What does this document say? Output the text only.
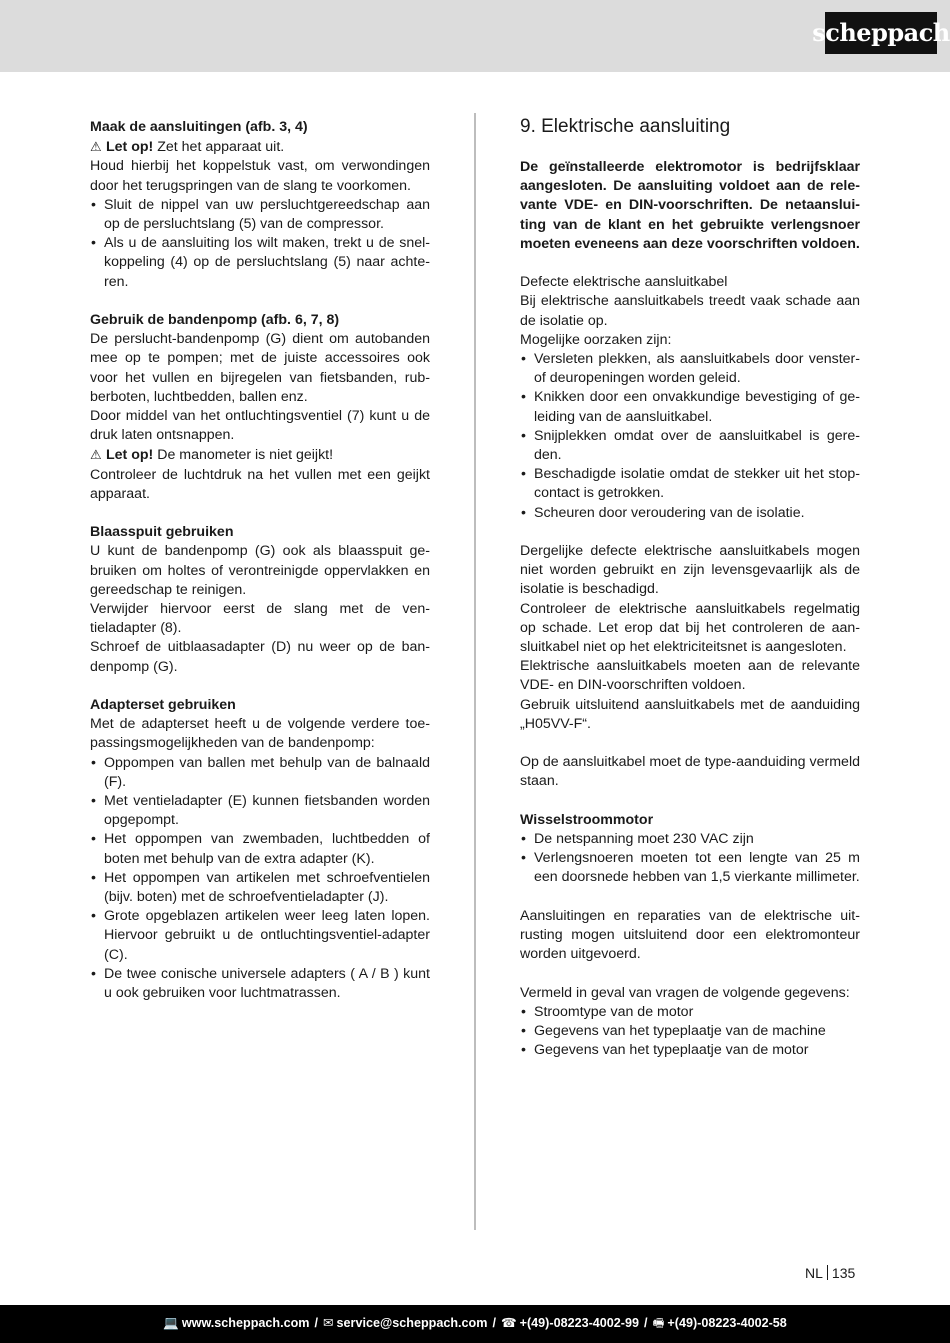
scheppach

Maak de aansluitingen (afb. 3, 4)

⚠ Let op! Zet het apparaat uit.

Houd hierbij het koppelstuk vast, om verwondingen door het terugspringen van de slang te voorkomen.

• Sluit de nippel van uw persluchtgereedschap aan op de persluchtslang (5) van de compressor.
• Als u de aansluiting los wilt maken, trekt u de snelkoppeling (4) op de persluchtslang (5) naar achteren.

Gebruik de bandenpomp (afb. 6, 7, 8)

De perslucht-bandenpomp (G) dient om autobanden mee op te pompen; met de juiste accessoires ook voor het vullen en bijregelen van fietsbanden, rubberboten, luchtbedden, ballen enz.

Door middel van het ontluchtingsventiel (7) kunt u de druk laten ontsnappen.

⚠ Let op! De manometer is niet geijkt!

Controleer de luchtdruk na het vullen met een geijkt apparaat.

Blaasspuit gebruiken

U kunt de bandenpomp (G) ook als blaasspuit gebruiken om holtes of verontreinigde oppervlakken en gereedschap te reinigen.

Verwijder hiervoor eerst de slang met de ventieladapter (8).

Schroef de uitblaasadapter (D) nu weer op de bandenpomp (G).

Adapterset gebruiken

Met de adapterset heeft u de volgende verdere toepassingsmogelijkheden van de bandenpomp:

• Oppompen van ballen met behulp van de balnaald (F).
• Met ventieladapter (E) kunnen fietsbanden worden opgepompt.
• Het oppompen van zwembaden, luchtbedden of boten met behulp van de extra adapter (K).
• Het oppompen van artikelen met schroefventielen (bijv. boten) met de schroefventieladapter (J).
• Grote opgeblazen artikelen weer leeg laten lopen. Hiervoor gebruikt u de ontluchtingsventiel-adapter (C).
• De twee conische universele adapters ( A / B ) kunt u ook gebruiken voor luchtmatrassen.
9. Elektrische aansluiting

De geïnstalleerde elektromotor is bedrijfsklaar aangesloten. De aansluiting voldoet aan de relevante VDE- en DIN-voorschriften. De netaansluiting van de klant en het gebruikte verlengsnoer moeten eveneens aan deze voorschriften voldoen.

Defecte elektrische aansluitkabel

Bij elektrische aansluitkabels treedt vaak schade aan de isolatie op.

Mogelijke oorzaken zijn:

• Versleten plekken, als aansluitkabels door vensterof deuropeningen worden geleid.
• Knikken door een onvakkundige bevestiging of geleiding van de aansluitkabel.
• Snijplekken omdat over de aansluitkabel is gereden.
• Beschadigde isolatie omdat de stekker uit het stopcontact is getrokken.
• Scheuren door veroudering van de isolatie.

Dergelijke defecte elektrische aansluitkabels mogen niet worden gebruikt en zijn levensgevaarlijk als de isolatie is beschadigd.

Controleer de elektrische aansluitkabels regelmatig op schade. Let erop dat bij het controleren de aansluitkabel niet op het elektriciteitsnet is aangesloten.

Elektrische aansluitkabels moeten aan de relevante VDE- en DIN-voorschriften voldoen.

Gebruik uitsluitend aansluitkabels met de aanduiding „H05VV-F“.

Op de aansluitkabel moet de type-aanduiding vermeld staan.

Wisselstroommotor

• De netspanning moet 230 VAC zijn
• Verlengsnoeren moeten tot een lengte van 25 m een doorsnede hebben van 1,5 vierkante millimeter.

Aansluitingen en reparaties van de elektrische uitrusting mogen uitsluitend door een elektromonteur worden uitgevoerd.

Vermeld in geval van vragen de volgende gegevens:

• Stroomtype van de motor
• Gegevens van het typeplaatje van de machine
• Gegevens van het typeplaatje van de motor
NL 135
💻 www.scheppach.com / ✉ service@scheppach.com / ☎ +(49)-08223-4002-99 / 🖷 +(49)-08223-4002-58
